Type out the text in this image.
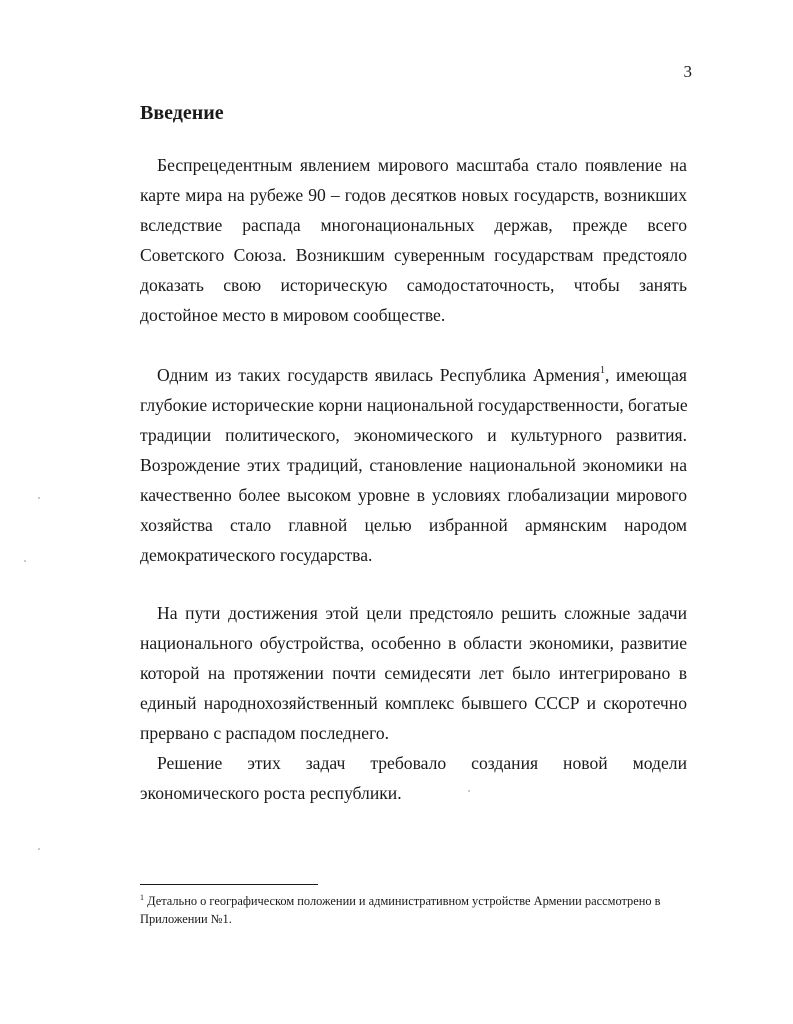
3
Введение
Беспрецедентным явлением мирового масштаба стало появление на
карте мира на рубеже 90 – годов десятков новых государств, возникших
вследствие распада многонациональных держав, прежде всего
Советского Союза. Возникшим суверенным государствам предстояло
доказать свою историческую самодостаточность, чтобы занять
достойное место в мировом сообществе.
Одним из таких государств явилась Республика Армения$^1$, имеющая
глубокие исторические корни национальной государственности, богатые
традиции политического, экономического и культурного развития.
Возрождение этих традиций, становление национальной экономики на
качественно более высоком уровне в условиях глобализации мирового
хозяйства стало главной целью избранной армянским народом
демократического государства.
На пути достижения этой цели предстояло решить сложные задачи
национального обустройства, особенно в области экономики, развитие
которой на протяжении почти семидесяти лет было интегрировано в
единый народнохозяйственный комплекс бывшего СССР и скоротечно
прервано с распадом последнего.
Решение этих задач требовало создания новой модели
экономического роста республики.
$^1$ Детально о географическом положении и административном устройстве Армении рассмотрено в
Приложении №1.
